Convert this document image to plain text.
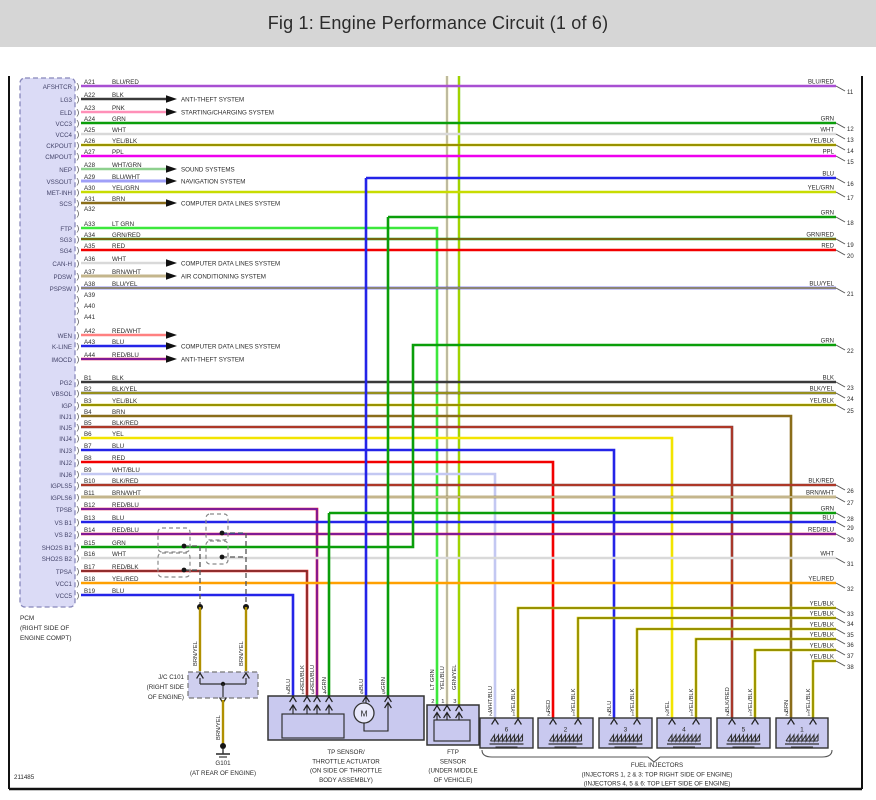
Fig 1: Engine Performance Circuit (1 of 6)
PCM
(RIGHT SIDE OF
ENGINE COMPT)
AFSHTCR ) A21	BLU/RED
11
BLU/RED
LG3 ) A22	BLK
ANTI-THEFT SYSTEM
ELD ) A23	PNK
STARTING/CHARGING SYSTEM
VCC3 ) A24	GRN
12
GRN
VCC4 ) A25	WHT
13
WHT
CKPOUT ) A26	YEL/BLK
14
YEL/BLK
CMPOUT ) A27	PPL
15
PPL
NEP ) A28	WHT/GRN
SOUND SYSTEMS
VSSOUT ) A29	BLU/WHT
NAVIGATION SYSTEM
MET-INH ) A30	YEL/GRN
17
YEL/GRN
SCS ) A31	BRN
COMPUTER DATA LINES SYSTEM
) A32
FTP ) A33	LT GRN
SG3 ) A34	GRN/RED
19
GRN/RED
SG4 ) A35	RED
20
RED
CAN-H ) A36	WHT
COMPUTER DATA LINES SYSTEM
PDSW ) A37	BRN/WHT
AIR CONDITIONING SYSTEM
PSPSW ) A38	BLU/YEL
21
BLU/YEL
) A39
) A40
) A41
WEN ) A42	RED/WHT
K-LINE ) A43	BLU
COMPUTER DATA LINES SYSTEM
IMOCD ) A44	RED/BLU
ANTI-THEFT SYSTEM
PG2 ) B1	BLK
23
BLK
VBSOL ) B2	BLK/YEL
24
BLK/YEL
IGP ) B3	YEL/BLK
25
YEL/BLK
INJ1 ) B4	BRN
INJ5 ) B5	BLK/RED
INJ4 ) B6	YEL
INJ3 ) B7	BLU
INJ2 ) B8	RED
INJ6 ) B9	WHT/BLU
IGPLS5 ) B10	BLK/RED
26
BLK/RED
IGPLS6 ) B11	BRN/WHT
27
BRN/WHT
TPSB ) B12	RED/BLU
VS B1 ) B13	BLU
29
BLU
VS B2 ) B14	RED/BLU
30
RED/BLU
SHO2S B1 ) B15	GRN
22
GRN
SHO2S B2 ) B16	WHT
31
WHT
TPSA ) B17	RED/BLK
VCC1 ) B18	YEL/RED
32
YEL/RED
VCC5 ) B19	BLU
16
BLU
18
GRN
28
GRN
BRN/YEL	BRN/YEL
J/C C101
(RIGHT SIDE
OF ENGINE)
BRN/YEL
G101
(AT REAR OF ENGINE)
2
BLU
1
RED/BLK
3
RED/BLU
4
GRN
6
BLU
5
GRN
M
TP SENSOR/
THROTTLE ACTUATOR
(ON SIDE OF THROTTLE
BODY ASSEMBLY)
2
LT GRN
1
YEL/BLU
3
GRN/YEL
FTP
SENSOR
(UNDER MIDDLE
OF VEHICLE)
33
YEL/BLK
2	1
WHT/BLU	YEL/BLK
6
34
YEL/BLK
2	1
RED	YEL/BLK
2
35
YEL/BLK
2	1
BLU	YEL/BLK
3
36
YEL/BLK
2	1
YEL	YEL/BLK
4
37
YEL/BLK
2	1
BLK/RED	YEL/BLK
5
38
YEL/BLK
2	1
BRN	YEL/BLK
1
FUEL INJECTORS
(INJECTORS 1, 2 & 3: TOP RIGHT SIDE OF ENGINE)
(INJECTORS 4, 5 & 6: TOP LEFT SIDE OF ENGINE)
211485
